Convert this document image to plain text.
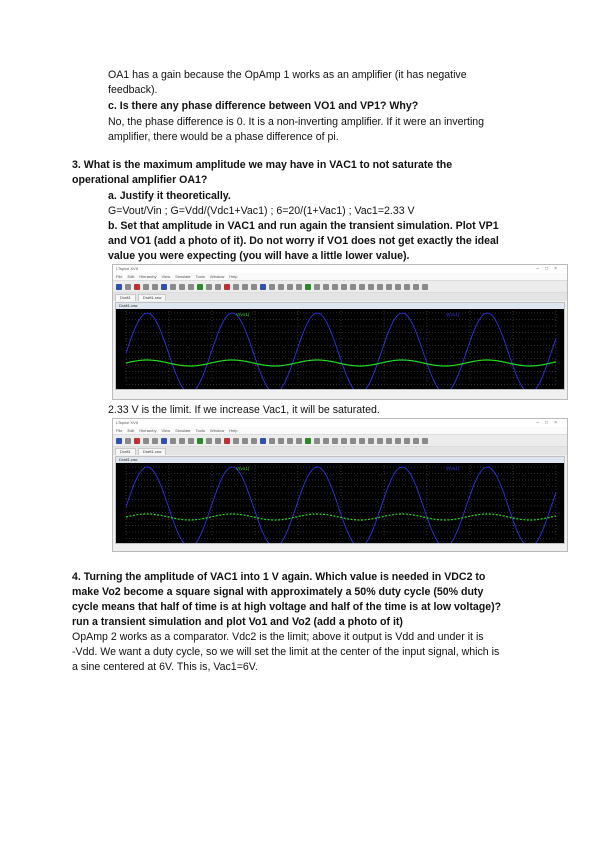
OA1 has a gain because the OpAmp 1 works as an amplifier (it has negative
feedback).
c. Is there any phase difference between VO1 and VP1? Why?
No, the phase difference is 0. It is a non-inverting amplifier. If it were an inverting
amplifier, there would be a phase difference of pi.
3. What is the maximum amplitude we may have in VAC1 to not saturate the
operational amplifier OA1?
a. Justify it theoretically.
G=Vout/Vin ; G=Vdd/(Vdc1+Vac1) ; 6=20/(1+Vac1) ; Vac1=2.33 V
b. Set that amplitude in VAC1 and run again the transient simulation. Plot VP1
and VO1 (add a photo of it). Do not worry if VO1 does not get exactly the ideal
value you were expecting (you will have a little lower value).
LTspice XVII	–□×
File Edit Hierarchy View Simulate Tools Window Help
Draft1	Draft1.raw
Draft1.raw
V(vo1)	V(vo1)
2.33 V is the limit. If we increase Vac1, it will be saturated.
LTspice XVII	–□×
File Edit Hierarchy View Simulate Tools Window Help
Draft1	Draft1.raw
Draft1.raw
V(vo1)	V(vo1)
4. Turning the amplitude of VAC1 into 1 V again. Which value is needed in VDC2 to
make Vo2 become a square signal with approximately a 50% duty cycle (50% duty
cycle means that half of time is at high voltage and half of the time is at low voltage)?
run a transient simulation and plot Vo1 and Vo2 (add a photo of it)
OpAmp 2 works as a comparator. Vdc2 is the limit; above it output is Vdd and under it is
-Vdd. We want a duty cycle, so we will set the limit at the center of the input signal, which is
a sine centered at 6V. This is, Vac1=6V.
